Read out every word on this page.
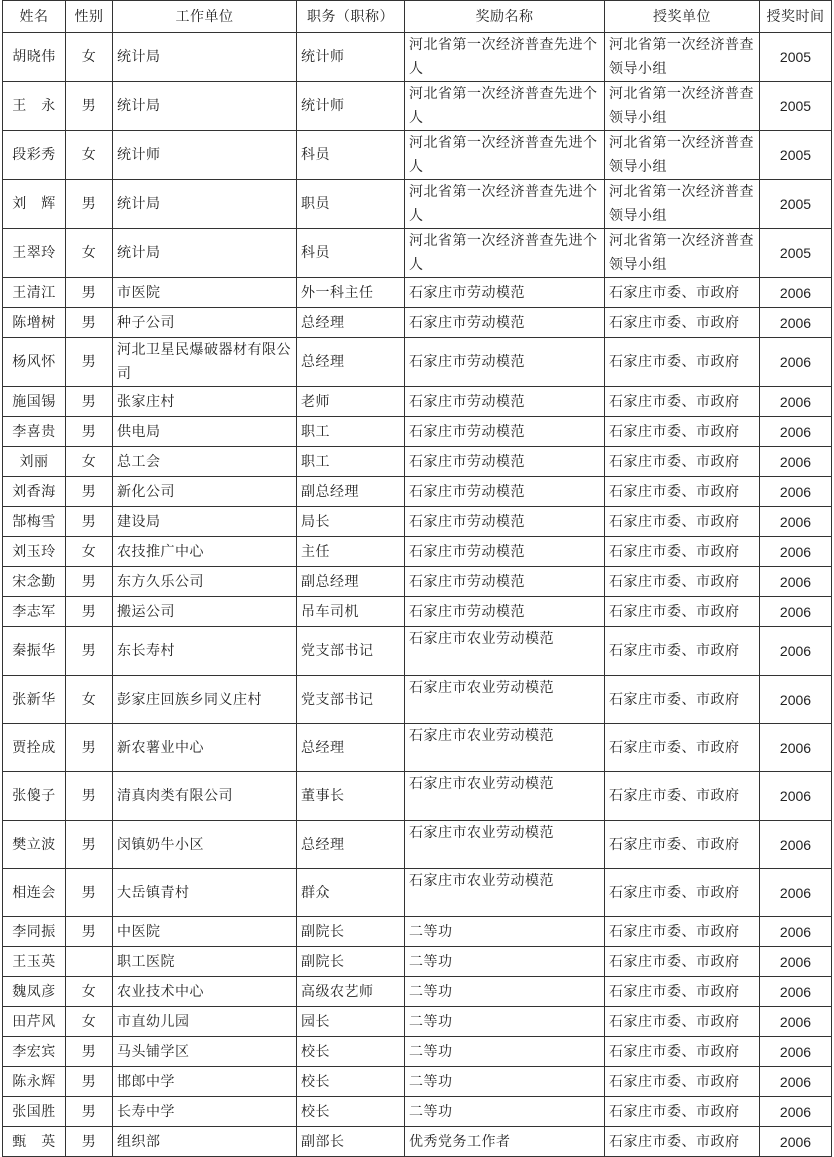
姓名	性别	工作单位	职务（职称）	奖励名称	授奖单位	授奖时间
胡晓伟	女	统计局	统计师	河北省第一次经济普查先进个人	河北省第一次经济普查领导小组	2005
王　永	男	统计局	统计师	河北省第一次经济普查先进个人	河北省第一次经济普查领导小组	2005
段彩秀	女	统计师	科员	河北省第一次经济普查先进个人	河北省第一次经济普查领导小组	2005
刘　辉	男	统计局	职员	河北省第一次经济普查先进个人	河北省第一次经济普查领导小组	2005
王翠玲	女	统计局	科员	河北省第一次经济普查先进个人	河北省第一次经济普查领导小组	2005
王清江	男	市医院	外一科主任	石家庄市劳动模范	石家庄市委、市政府	2006
陈增树	男	种子公司	总经理	石家庄市劳动模范	石家庄市委、市政府	2006
杨风怀	男	河北卫星民爆破器材有限公司	总经理	石家庄市劳动模范	石家庄市委、市政府	2006
施国锡	男	张家庄村	老师	石家庄市劳动模范	石家庄市委、市政府	2006
李喜贵	男	供电局	职工	石家庄市劳动模范	石家庄市委、市政府	2006
刘丽	女	总工会	职工	石家庄市劳动模范	石家庄市委、市政府	2006
刘香海	男	新化公司	副总经理	石家庄市劳动模范	石家庄市委、市政府	2006
郜梅雪	男	建设局	局长	石家庄市劳动模范	石家庄市委、市政府	2006
刘玉玲	女	农技推广中心	主任	石家庄市劳动模范	石家庄市委、市政府	2006
宋念勤	男	东方久乐公司	副总经理	石家庄市劳动模范	石家庄市委、市政府	2006
李志军	男	搬运公司	吊车司机	石家庄市劳动模范	石家庄市委、市政府	2006
秦振华	男	东长寿村	党支部书记	石家庄市农业劳动模范	石家庄市委、市政府	2006
张新华	女	彭家庄回族乡同义庄村	党支部书记	石家庄市农业劳动模范	石家庄市委、市政府	2006
贾拴成	男	新农薯业中心	总经理	石家庄市农业劳动模范	石家庄市委、市政府	2006
张傻子	男	清真肉类有限公司	董事长	石家庄市农业劳动模范	石家庄市委、市政府	2006
樊立波	男	闵镇奶牛小区	总经理	石家庄市农业劳动模范	石家庄市委、市政府	2006
相连会	男	大岳镇青村	群众	石家庄市农业劳动模范	石家庄市委、市政府	2006
李同振	男	中医院	副院长	二等功	石家庄市委、市政府	2006
王玉英		职工医院	副院长	二等功	石家庄市委、市政府	2006
魏凤彦	女	农业技术中心	高级农艺师	二等功	石家庄市委、市政府	2006
田芹风	女	市直幼儿园	园长	二等功	石家庄市委、市政府	2006
李宏宾	男	马头铺学区	校长	二等功	石家庄市委、市政府	2006
陈永辉	男	邯郎中学	校长	二等功	石家庄市委、市政府	2006
张国胜	男	长寿中学	校长	二等功	石家庄市委、市政府	2006
甄　英	男	组织部	副部长	优秀党务工作者	石家庄市委、市政府	2006
